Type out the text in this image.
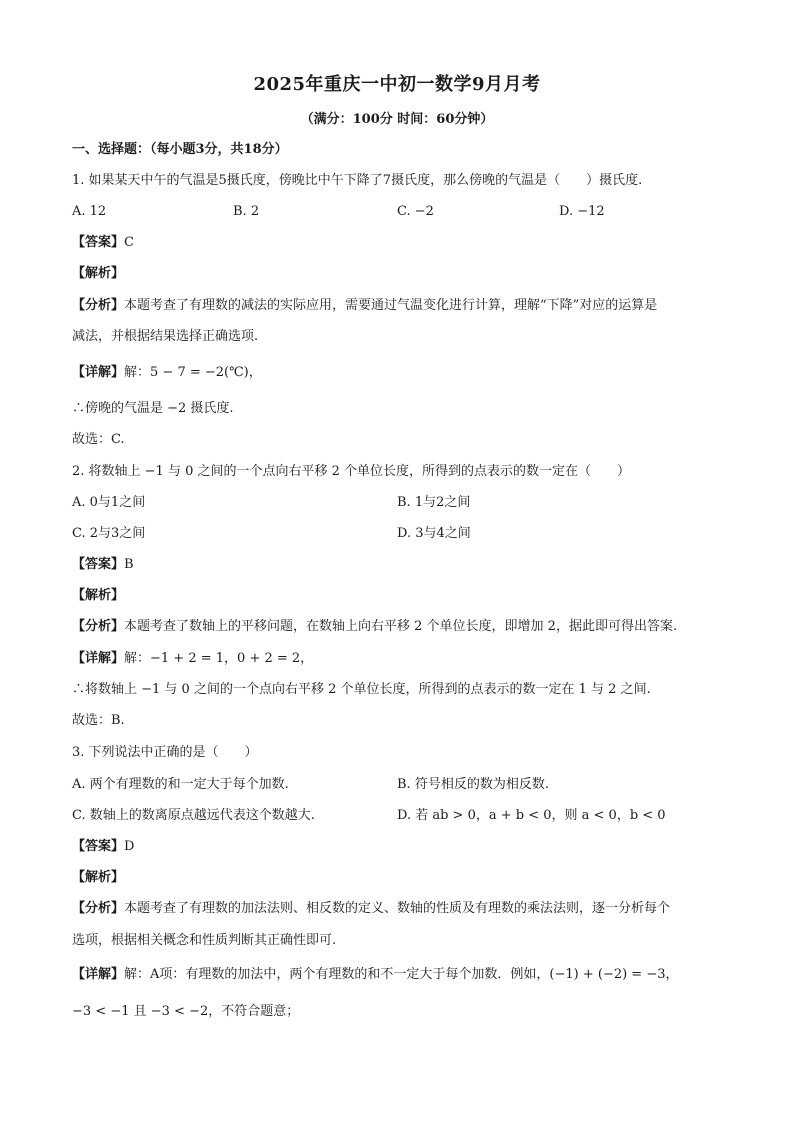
2025年重庆一中初一数学9月月考
（满分：100分 时间：60分钟）
一、选择题：（每小题3分，共18分）
1. 如果某天中午的气温是5摄氏度，傍晚比中午下降了7摄氏度，那么傍晚的气温是（　　）摄氏度.
A. 12	B. 2	C. −2	D. −12
【答案】C
【解析】
【分析】本题考查了有理数的减法的实际应用，需要通过气温变化进行计算，理解“下降”对应的运算是
减法，并根据结果选择正确选项.
【详解】解：5 − 7 = −2(℃)，
∴傍晚的气温是 −2 摄氏度.
故选：C.
2. 将数轴上 −1 与 0 之间的一个点向右平移 2 个单位长度，所得到的点表示的数一定在（　　）
A. 0与1之间	B. 1与2之间
C. 2与3之间	D. 3与4之间
【答案】B
【解析】
【分析】本题考查了数轴上的平移问题，在数轴上向右平移 2 个单位长度，即增加 2，据此即可得出答案.
【详解】解：−1 + 2 = 1，0 + 2 = 2，
∴将数轴上 −1 与 0 之间的一个点向右平移 2 个单位长度，所得到的点表示的数一定在 1 与 2 之间.
故选：B.
3. 下列说法中正确的是（　　）
A. 两个有理数的和一定大于每个加数.	B. 符号相反的数为相反数.
C. 数轴上的数离原点越远代表这个数越大.	D. 若 ab > 0，a + b < 0，则 a < 0，b < 0
【答案】D
【解析】
【分析】本题考查了有理数的加法法则、相反数的定义、数轴的性质及有理数的乘法法则，逐一分析每个
选项，根据相关概念和性质判断其正确性即可.
【详解】解：A项：有理数的加法中，两个有理数的和不一定大于每个加数．例如，(−1) + (−2) = −3，
−3 < −1 且 −3 < −2，不符合题意；
